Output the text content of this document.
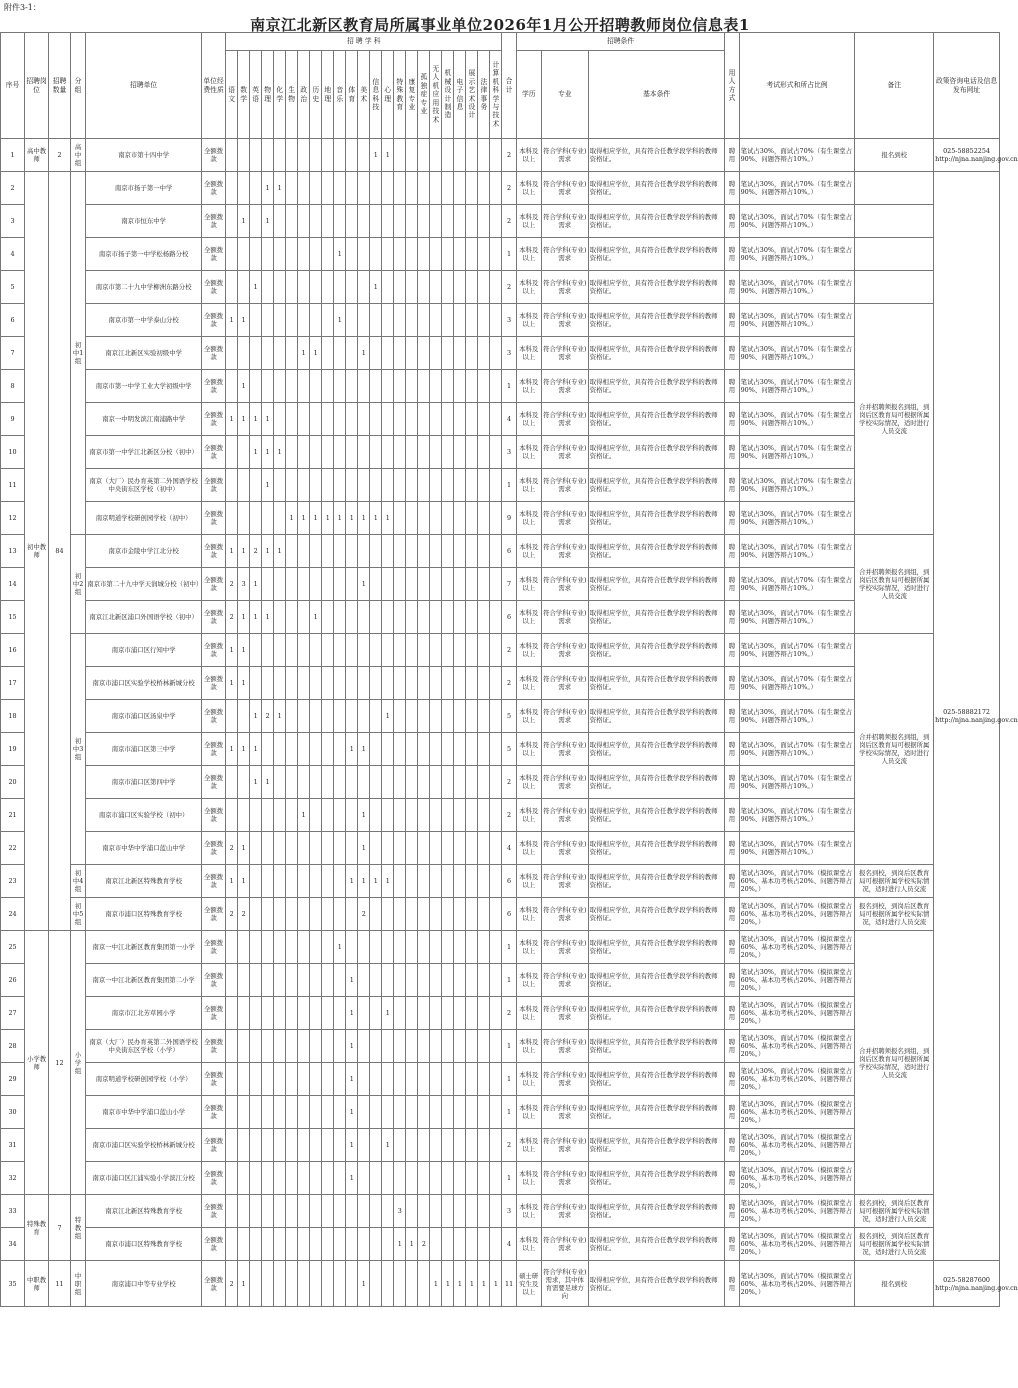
附件3-1：
南京江北新区教育局所属事业单位2026年1月公开招聘教师岗位信息表1
序号	招聘岗位	招聘数量	分组	招聘单位	单位经费性质	招 聘 学 科																							合计	招聘条件			用人方式	考试形式和所占比例	备注	政策咨询电话及信息发布网址
						语文	数学	英语	物理	化学	生物	政治	历史	地理	音乐	体育	美术	信息科技	心理	特殊教育	康复专业	孤独症专业	无人机应用技术	机械设计制造	电子信息	展示艺术设计	法律事务	计算机科学与技术		学历	专业	基本条件				
1	高中教师	2	高中组	南京市第十四中学	全额拨款													1	1										2	本科及以上	符合学科(专业)需求	取得相应学位，具有符合任教学段学科的教师资格证。	聘用	笔试占30%，面试占70%（有生课堂占90%、问题答辩占10%。）	报名到校	025-58852254 http://njna.nanjing.gov.cn
2	初中教师	84	初中1组	南京市扬子第一中学	全额拨款				1	1																			2	本科及以上	符合学科(专业)需求	取得相应学位，具有符合任教学段学科的教师资格证。	聘用	笔试占30%，面试占70%（有生课堂占90%、问题答辩占10%。）		025-58882172 http://njna.nanjing.gov.cn
3				南京市恒东中学	全额拨款		1		1																				2	本科及以上	符合学科(专业)需求	取得相应学位，具有符合任教学段学科的教师资格证。	聘用	笔试占30%，面试占70%（有生课堂占90%、问题答辩占10%。）		
4				南京市扬子第一中学松杨路分校	全额拨款										1														1	本科及以上	符合学科(专业)需求	取得相应学位，具有符合任教学段学科的教师资格证。	聘用	笔试占30%，面试占70%（有生课堂占90%、问题答辩占10%。）		
5				南京市第二十九中学柳洲东路分校	全额拨款			1										1											2	本科及以上	符合学科(专业)需求	取得相应学位，具有符合任教学段学科的教师资格证。	聘用	笔试占30%，面试占70%（有生课堂占90%、问题答辩占10%。）		
6				南京市第一中学泰山分校	全额拨款	1	1								1														3	本科及以上	符合学科(专业)需求	取得相应学位，具有符合任教学段学科的教师资格证。	聘用	笔试占30%，面试占70%（有生课堂占90%、问题答辩占10%。）	合并招聘须报名到组，到岗后区教育局可根据所属学校实际情况，适时进行人员交流	
7				南京江北新区实验初级中学	全额拨款							1	1				1												3	本科及以上	符合学科(专业)需求	取得相应学位，具有符合任教学段学科的教师资格证。	聘用	笔试占30%，面试占70%（有生课堂占90%、问题答辩占10%。）		
8				南京市第一中学工业大学初级中学	全额拨款		1																						1	本科及以上	符合学科(专业)需求	取得相应学位，具有符合任教学段学科的教师资格证。	聘用	笔试占30%，面试占70%（有生课堂占90%、问题答辩占10%。）		
9				南京一中明发滨江南浦路中学	全额拨款	1	1	1	1																				4	本科及以上	符合学科(专业)需求	取得相应学位，具有符合任教学段学科的教师资格证。	聘用	笔试占30%，面试占70%（有生课堂占90%、问题答辩占10%。）		
10				南京市第一中学江北新区分校（初中）	全额拨款			1	1	1																			3	本科及以上	符合学科(专业)需求	取得相应学位，具有符合任教学段学科的教师资格证。	聘用	笔试占30%，面试占70%（有生课堂占90%、问题答辩占10%。）		
11				南京（大厂）民办育英第二外国语学校中央街东区学校（初中）	全额拨款				1																				1	本科及以上	符合学科(专业)需求	取得相应学位，具有符合任教学段学科的教师资格证。	聘用	笔试占30%，面试占70%（有生课堂占90%、问题答辩占10%。）		
12				南京明道学校研创园学校（初中）	全额拨款						1	1	1	1	1	1	1	1	1										9	本科及以上	符合学科(专业)需求	取得相应学位，具有符合任教学段学科的教师资格证。	聘用	笔试占30%，面试占70%（有生课堂占90%、问题答辩占10%。）		
13			初中2组	南京市金陵中学江北分校	全额拨款	1	1	2	1	1																			6	本科及以上	符合学科(专业)需求	取得相应学位，具有符合任教学段学科的教师资格证。	聘用	笔试占30%，面试占70%（有生课堂占90%、问题答辩占10%。）	合并招聘须报名到组，到岗后区教育局可根据所属学校实际情况，适时进行人员交流	
14				南京市第二十九中学天润城分校（初中）	全额拨款	2	3	1									1												7	本科及以上	符合学科(专业)需求	取得相应学位，具有符合任教学段学科的教师资格证。	聘用	笔试占30%，面试占70%（有生课堂占90%、问题答辩占10%。）		
15				南京江北新区浦口外国语学校（初中）	全额拨款	2	1	1	1				1																6	本科及以上	符合学科(专业)需求	取得相应学位，具有符合任教学段学科的教师资格证。	聘用	笔试占30%，面试占70%（有生课堂占90%、问题答辩占10%。）		
16			初中3组	南京市浦口区行知中学	全额拨款	1	1																						2	本科及以上	符合学科(专业)需求	取得相应学位，具有符合任教学段学科的教师资格证。	聘用	笔试占30%，面试占70%（有生课堂占90%、问题答辩占10%。）	合并招聘须报名到组，到岗后区教育局可根据所属学校实际情况，适时进行人员交流	
17				南京市浦口区实验学校桥林新城分校	全额拨款	1	1																						2	本科及以上	符合学科(专业)需求	取得相应学位，具有符合任教学段学科的教师资格证。	聘用	笔试占30%，面试占70%（有生课堂占90%、问题答辩占10%。）		
18				南京市浦口区汤泉中学	全额拨款			1	2	1									1										5	本科及以上	符合学科(专业)需求	取得相应学位，具有符合任教学段学科的教师资格证。	聘用	笔试占30%，面试占70%（有生课堂占90%、问题答辩占10%。）		
19				南京市浦口区第三中学	全额拨款	1	1	1								1	1												5	本科及以上	符合学科(专业)需求	取得相应学位，具有符合任教学段学科的教师资格证。	聘用	笔试占30%，面试占70%（有生课堂占90%、问题答辩占10%。）		
20				南京市浦口区第四中学	全额拨款			1	1																				2	本科及以上	符合学科(专业)需求	取得相应学位，具有符合任教学段学科的教师资格证。	聘用	笔试占30%，面试占70%（有生课堂占90%、问题答辩占10%。）		
21				南京市浦口区实验学校（初中）	全额拨款							1					1												2	本科及以上	符合学科(专业)需求	取得相应学位，具有符合任教学段学科的教师资格证。	聘用	笔试占30%，面试占70%（有生课堂占90%、问题答辩占10%。）		
22				南京市中华中学浦口蓝山中学	全额拨款	2	1										1												4	本科及以上	符合学科(专业)需求	取得相应学位，具有符合任教学段学科的教师资格证。	聘用	笔试占30%，面试占70%（有生课堂占90%、问题答辩占10%。）		
23			初中4组	南京江北新区特殊教育学校	全额拨款	1	1									1	1	1	1										6	本科及以上	符合学科(专业)需求	取得相应学位，具有符合任教学段学科的教师资格证。	聘用	笔试占30%，面试占70%（模拟课堂占60%、基本功考核占20%、问题答辩占20%。）	报名到校，到岗后区教育局可根据所属学校实际情况，适时进行人员交流	
24			初中5组	南京市浦口区特殊教育学校	全额拨款	2	2										2												6	本科及以上	符合学科(专业)需求	取得相应学位，具有符合任教学段学科的教师资格证。	聘用	笔试占30%，面试占70%（模拟课堂占60%、基本功考核占20%、问题答辩占20%。）	报名到校，到岗后区教育局可根据所属学校实际情况，适时进行人员交流	
25	小学教师	12	小学组	南京一中江北新区教育集团第一小学	全额拨款										1														1	本科及以上	符合学科(专业)需求	取得相应学位，具有符合任教学段学科的教师资格证。	聘用	笔试占30%，面试占70%（模拟课堂占60%、基本功考核占20%、问题答辩占20%。）	合并招聘须报名到组，到岗后区教育局可根据所属学校实际情况，适时进行人员交流	
26				南京一中江北新区教育集团第二小学	全额拨款											1													1	本科及以上	符合学科(专业)需求	取得相应学位，具有符合任教学段学科的教师资格证。	聘用	笔试占30%，面试占70%（模拟课堂占60%、基本功考核占20%、问题答辩占20%。）		
27				南京市江北芳草园小学	全额拨款											1			1										2	本科及以上	符合学科(专业)需求	取得相应学位，具有符合任教学段学科的教师资格证。	聘用	笔试占30%，面试占70%（模拟课堂占60%、基本功考核占20%、问题答辩占20%。）		
28				南京（大厂）民办育英第二外国语学校中央街东区学校（小学）	全额拨款											1													1	本科及以上	符合学科(专业)需求	取得相应学位，具有符合任教学段学科的教师资格证。	聘用	笔试占30%，面试占70%（模拟课堂占60%、基本功考核占20%、问题答辩占20%。）		
29				南京明道学校研创园学校（小学）	全额拨款											1													1	本科及以上	符合学科(专业)需求	取得相应学位，具有符合任教学段学科的教师资格证。	聘用	笔试占30%，面试占70%（模拟课堂占60%、基本功考核占20%、问题答辩占20%。）		
30				南京市中华中学浦口蓝山小学	全额拨款											1													1	本科及以上	符合学科(专业)需求	取得相应学位，具有符合任教学段学科的教师资格证。	聘用	笔试占30%，面试占70%（模拟课堂占60%、基本功考核占20%、问题答辩占20%。）		
31				南京市浦口区实验学校桥林新城分校	全额拨款											1			1										2	本科及以上	符合学科(专业)需求	取得相应学位，具有符合任教学段学科的教师资格证。	聘用	笔试占30%，面试占70%（模拟课堂占60%、基本功考核占20%、问题答辩占20%。）		
32				南京市浦口区江浦实验小学滨江分校	全额拨款											1													1	本科及以上	符合学科(专业)需求	取得相应学位，具有符合任教学段学科的教师资格证。	聘用	笔试占30%，面试占70%（模拟课堂占60%、基本功考核占20%、问题答辩占20%。）		
33	特殊教育	7	特教组	南京江北新区特殊教育学校	全额拨款															3									3	本科及以上	符合学科(专业)需求	取得相应学位，具有符合任教学段学科的教师资格证。	聘用	笔试占30%，面试占70%（模拟课堂占60%、基本功考核占20%、问题答辩占20%。）	报名到校，到岗后区教育局可根据所属学校实际情况，适时进行人员交流	
34				南京市浦口区特殊教育学校	全额拨款															1	1	2							4	本科及以上	符合学科(专业)需求	取得相应学位，具有符合任教学段学科的教师资格证。	聘用	笔试占30%，面试占70%（模拟课堂占60%、基本功考核占20%、问题答辩占20%。）	报名到校，到岗后区教育局可根据所属学校实际情况，适时进行人员交流	
35	中职教师	11	中职组	南京浦口中等专业学校	全额拨款	2	1										1						1	1	1	1	1	1	11	硕士研究生及以上	符合学科(专业)需求，其中体育需要足球方向	取得相应学位，具有符合任教学段学科的教师资格证。	聘用	笔试占30%，面试占70%（模拟课堂占60%、基本功考核占20%、问题答辩占20%。）	报名到校	025-58287600 http://njna.nanjing.gov.cn
